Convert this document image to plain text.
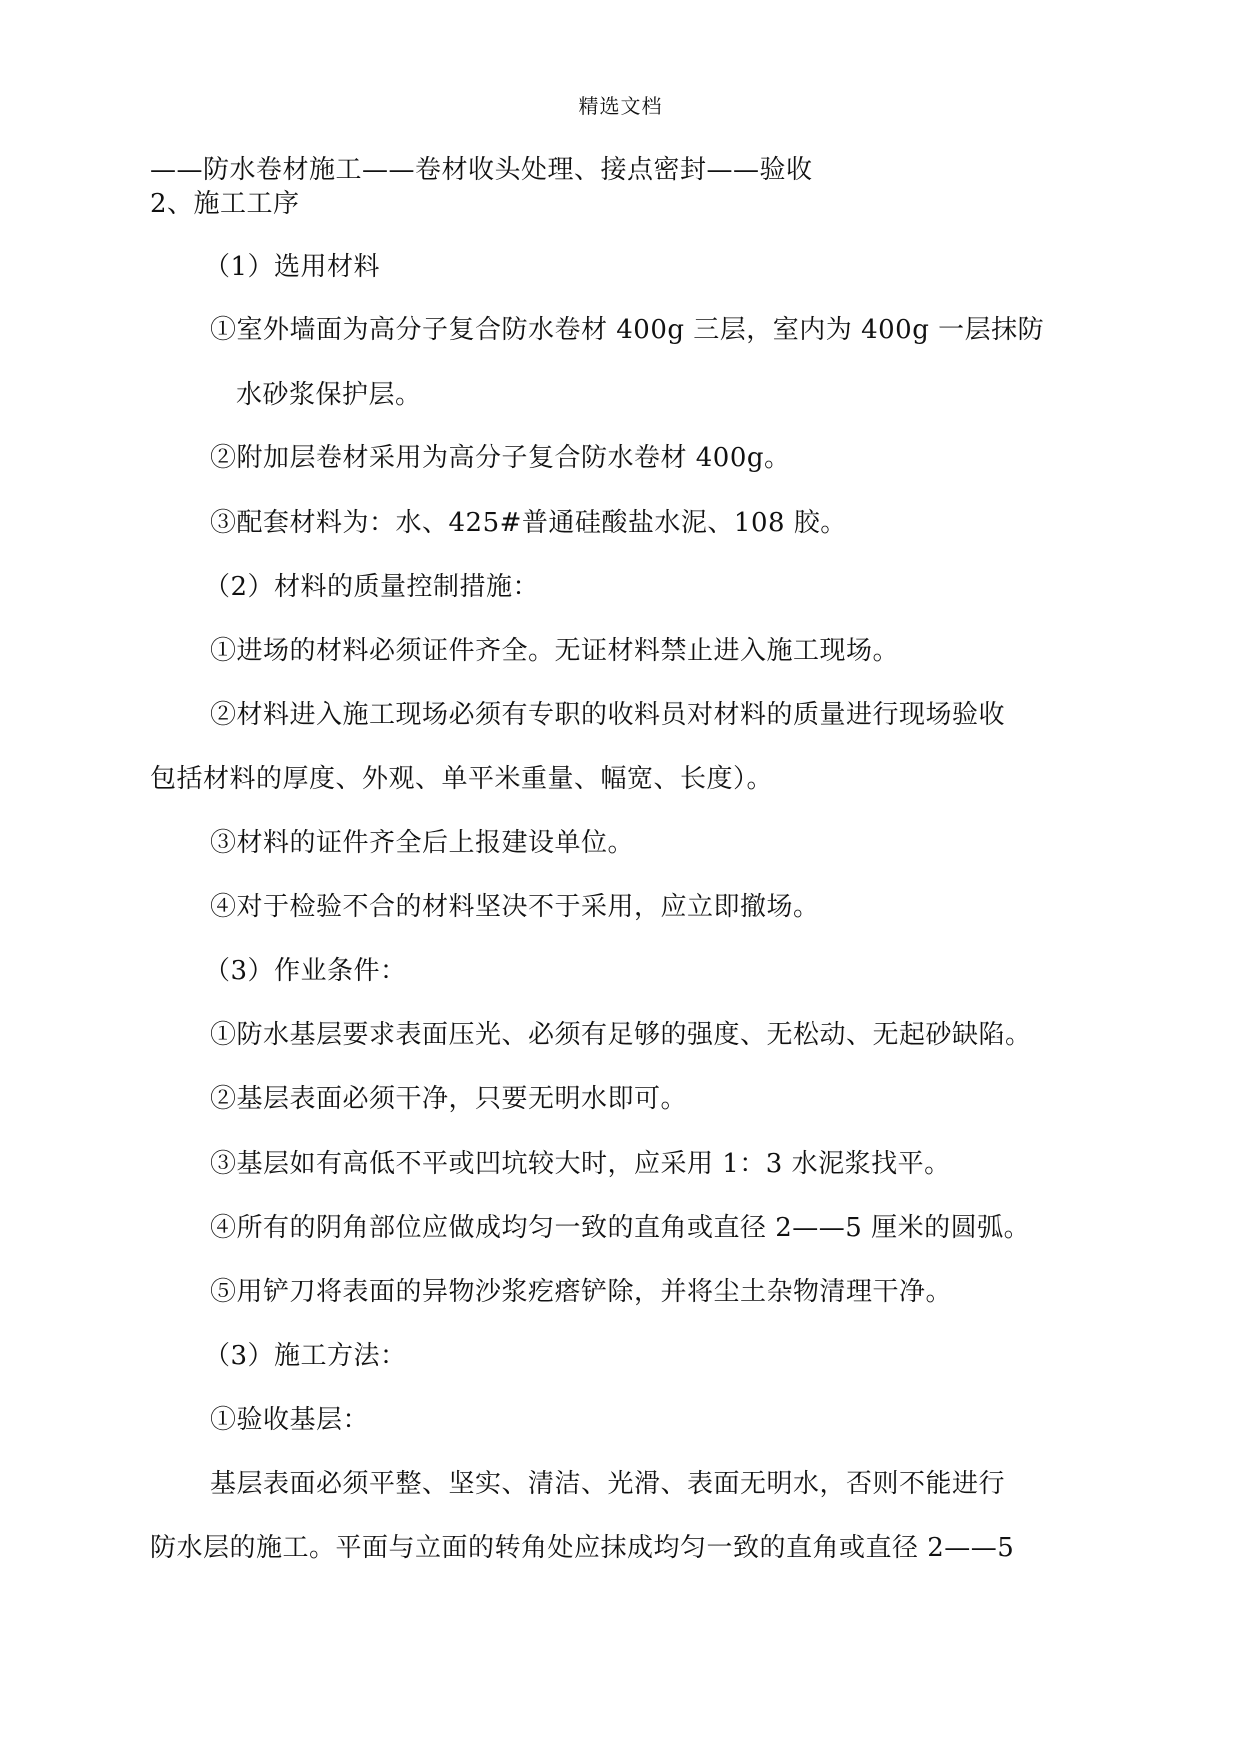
精选文档
——防水卷材施工——卷材收头处理、接点密封——验收
2、施工工序
（1）选用材料
①室外墙面为高分子复合防水卷材 400g 三层，室内为 400g 一层抹防
水砂浆保护层。
②附加层卷材采用为高分子复合防水卷材 400g。
③配套材料为：水、425#普通硅酸盐水泥、108 胶。
（2）材料的质量控制措施：
①进场的材料必须证件齐全。无证材料禁止进入施工现场。
②材料进入施工现场必须有专职的收料员对材料的质量进行现场验收
包括材料的厚度、外观、单平米重量、幅宽、长度）。
③材料的证件齐全后上报建设单位。
④对于检验不合的材料坚决不于采用，应立即撤场。
（3）作业条件：
①防水基层要求表面压光、必须有足够的强度、无松动、无起砂缺陷。
②基层表面必须干净，只要无明水即可。
③基层如有高低不平或凹坑较大时，应采用 1：3 水泥浆找平。
④所有的阴角部位应做成均匀一致的直角或直径 2——5 厘米的圆弧。
⑤用铲刀将表面的异物沙浆疙瘩铲除，并将尘土杂物清理干净。
（3）施工方法：
①验收基层：
基层表面必须平整、坚实、清洁、光滑、表面无明水，否则不能进行
防水层的施工。平面与立面的转角处应抹成均匀一致的直角或直径 2——5
